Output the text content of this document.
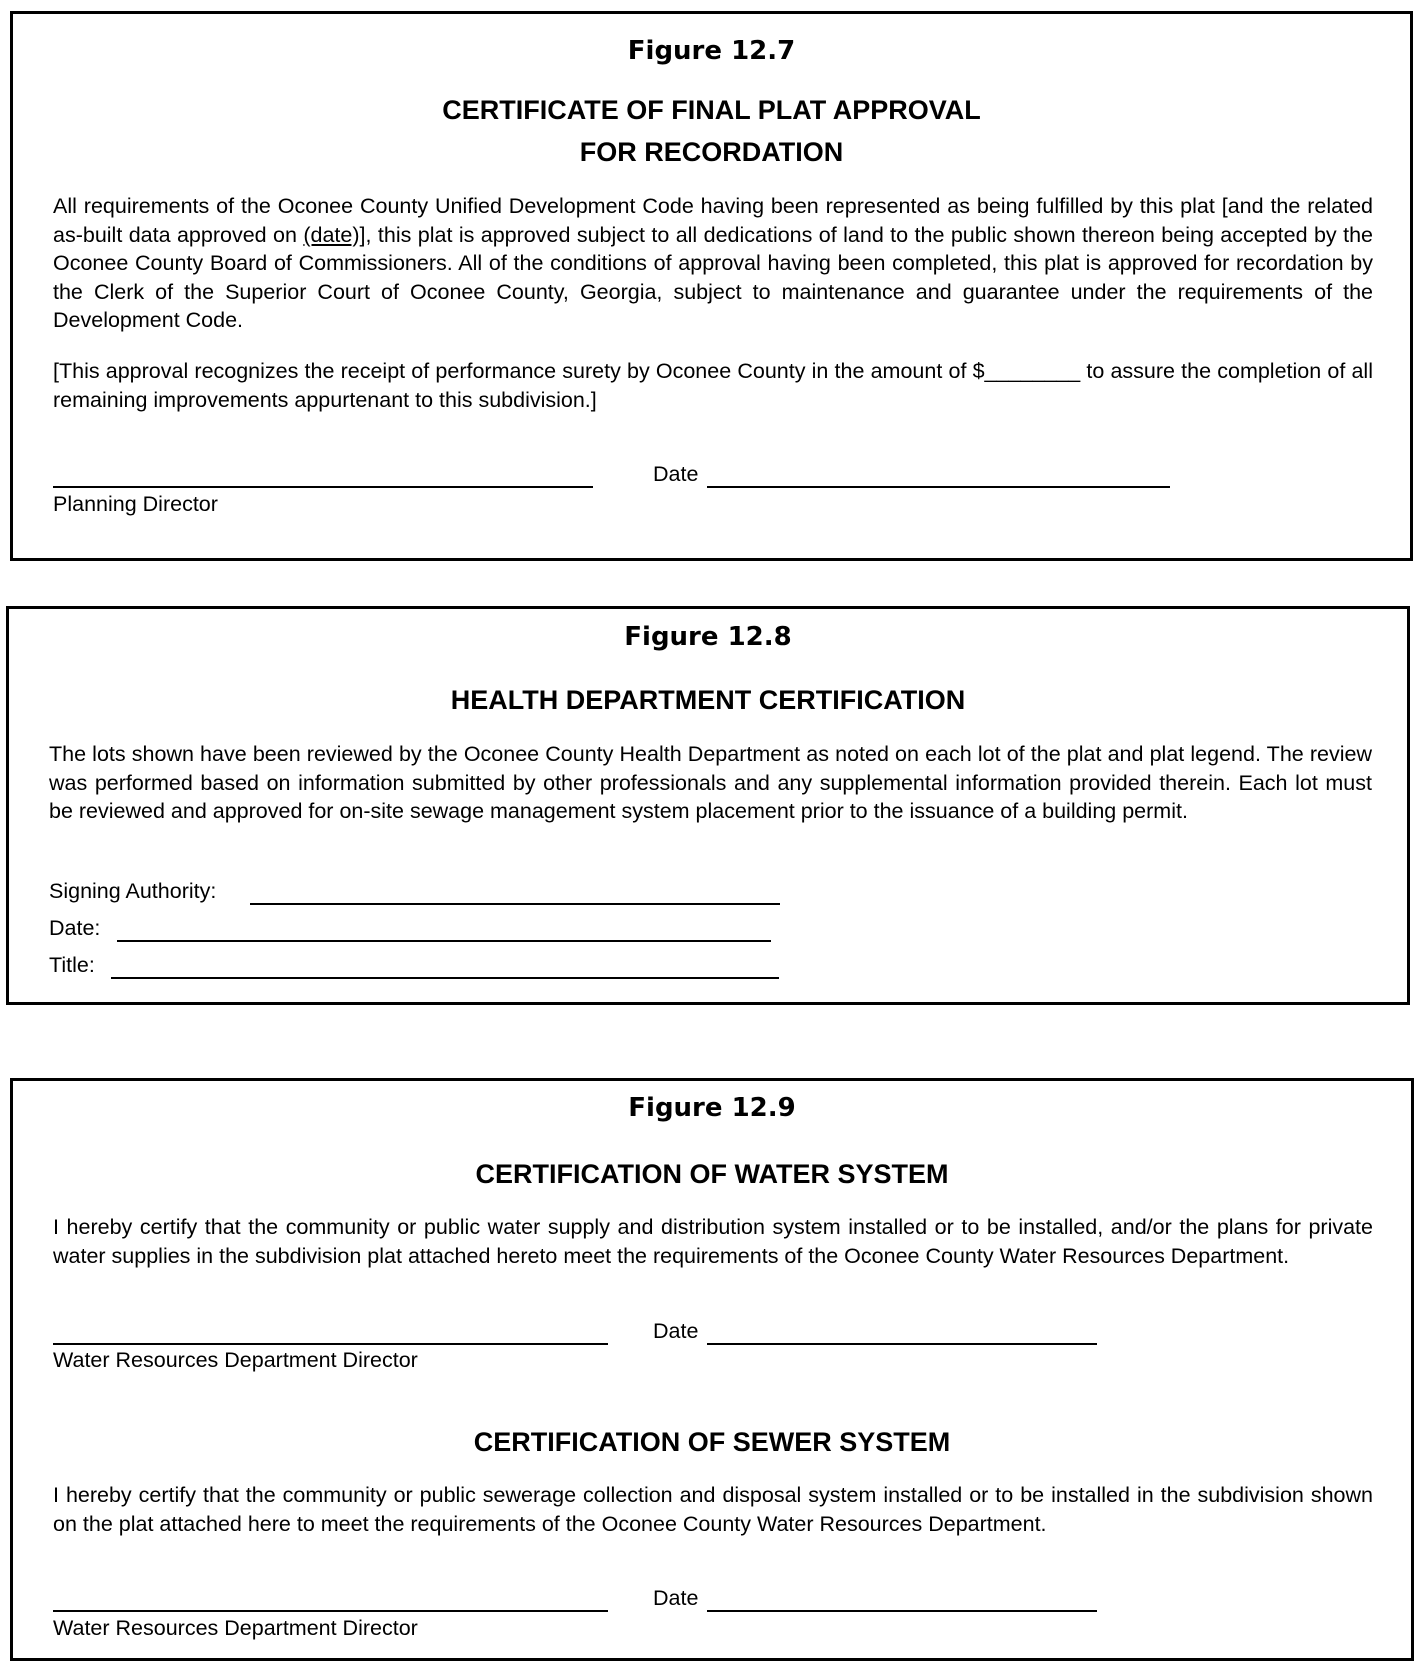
Figure 12.7
CERTIFICATE OF FINAL PLAT APPROVAL
FOR RECORDATION
All requirements of the Oconee County Unified Development Code having been represented as being fulfilled by this plat [and the related as-built data approved on (date)], this plat is approved subject to all dedications of land to the public shown thereon being accepted by the Oconee County Board of Commissioners. All of the conditions of approval having been completed, this plat is approved for recordation by the Clerk of the Superior Court of Oconee County, Georgia, subject to maintenance and guarantee under the requirements of the Development Code.
[This approval recognizes the receipt of performance surety by Oconee County in the amount of $________ to assure the completion of all remaining improvements appurtenant to this subdivision.]
Date
Planning Director
Figure 12.8
HEALTH DEPARTMENT CERTIFICATION
The lots shown have been reviewed by the Oconee County Health Department as noted on each lot of the plat and plat legend. The review was performed based on information submitted by other professionals and any supplemental information provided therein. Each lot must be reviewed and approved for on-site sewage management system placement prior to the issuance of a building permit.
Signing Authority:
Date:
Title:
Figure 12.9
CERTIFICATION OF WATER SYSTEM
I hereby certify that the community or public water supply and distribution system installed or to be installed, and/or the plans for private water supplies in the subdivision plat attached hereto meet the requirements of the Oconee County Water Resources Department.
Date
Water Resources Department Director
CERTIFICATION OF SEWER SYSTEM
I hereby certify that the community or public sewerage collection and disposal system installed or to be installed in the subdivision shown on the plat attached here to meet the requirements of the Oconee County Water Resources Department.
Date
Water Resources Department Director
